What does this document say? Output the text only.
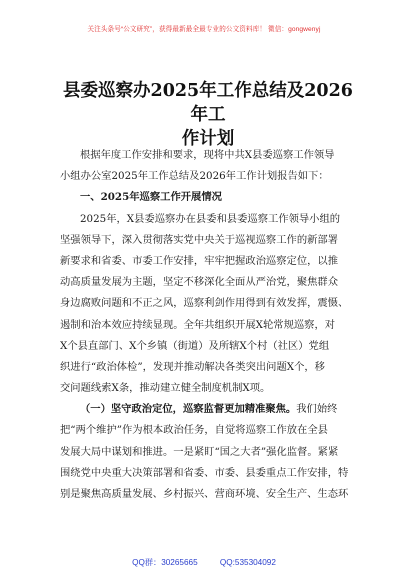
关注头条号“公文研究”，获得最新最全最专业的公文资料库！ 微信：gongwenyj
县委巡察办2025年工作总结及2026年工
作计划

根据年度工作安排和要求，现将中共X县委巡察工作领导
小组办公室2025年工作总结及2026年工作计划报告如下：

一、2025年巡察工作开展情况

2025年，X县委巡察办在县委和县委巡察工作领导小组的
坚强领导下，深入贯彻落实党中央关于巡视巡察工作的新部署
新要求和省委、市委工作安排，牢牢把握政治巡察定位，以推
动高质量发展为主题，坚定不移深化全面从严治党，聚焦群众
身边腐败问题和不正之风，巡察利剑作用得到有效发挥，震慑、
遏制和治本效应持续显现。全年共组织开展X轮常规巡察，对
X个县直部门、X个乡镇（街道）及所辖X个村（社区）党组
织进行“政治体检”，发现并推动解决各类突出问题X个，移
交问题线索X条，推动建立健全制度机制X项。

（一）坚守政治定位，巡察监督更加精准聚焦。我们始终
把“两个维护”作为根本政治任务，自觉将巡察工作放在全县
发展大局中谋划和推进。一是紧盯“国之大者”强化监督。紧紧
围绕党中央重大决策部署和省委、市委、县委重点工作安排，特
别是聚焦高质量发展、乡村振兴、营商环境、安全生产、生态环

QQ群：30265665	QQ:535304092
